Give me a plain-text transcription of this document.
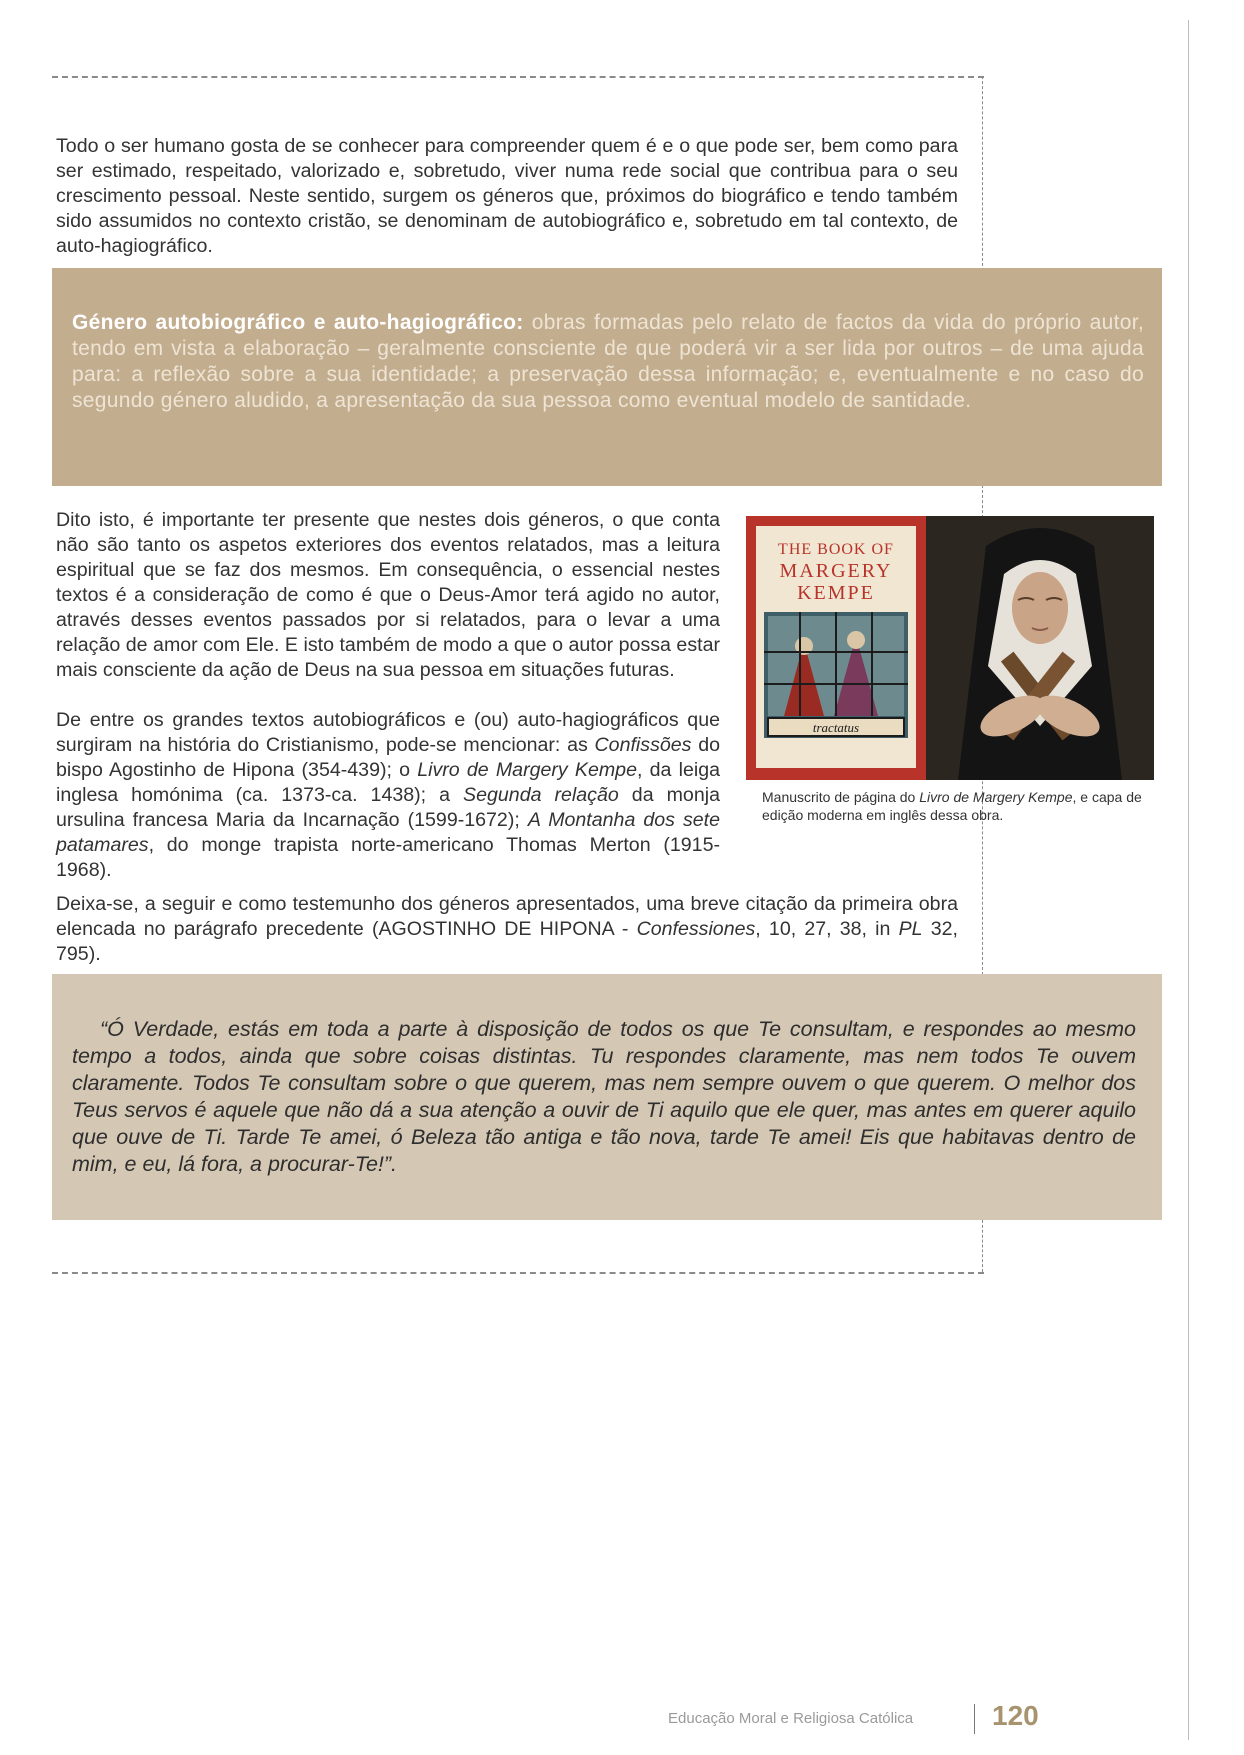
Todo o ser humano gosta de se conhecer para compreender quem é e o que pode ser, bem como para ser estimado, respeitado, valorizado e, sobretudo, viver numa rede social que contribua para o seu crescimento pessoal. Neste sentido, surgem os géneros que, próximos do biográfico e tendo também sido assumidos no contexto cristão, se denominam de autobiográfico e, sobretudo em tal contexto, de auto-hagiográfico.

Género autobiográfico e auto-hagiográfico: obras formadas pelo relato de factos da vida do próprio autor, tendo em vista a elaboração – geralmente consciente de que poderá vir a ser lida por outros – de uma ajuda para: a reflexão sobre a sua identidade; a preservação dessa informação; e, eventualmente e no caso do segundo género aludido, a apresentação da sua pessoa como eventual modelo de santidade.

Dito isto, é importante ter presente que nestes dois géneros, o que conta não são tanto os aspetos exteriores dos eventos relatados, mas a leitura espiritual que se faz dos mesmos. Em consequência, o essencial nestes textos é a consideração de como é que o Deus-Amor terá agido no autor, através desses eventos passados por si relatados, para o levar a uma relação de amor com Ele. E isto também de modo a que o autor possa estar mais consciente da ação de Deus na sua pessoa em situações futuras.

De entre os grandes textos autobiográficos e (ou) auto-hagiográficos que surgiram na história do Cristianismo, pode-se mencionar: as Confissões do bispo Agostinho de Hipona (354-439); o Livro de Margery Kempe, da leiga inglesa homónima (ca. 1373-ca. 1438); a Segunda relação da monja ursulina francesa Maria da Incarnação (1599-1672); A Montanha dos sete patamares, do monge trapista norte-americano Thomas Merton (1915-1968).

THE BOOK OF
MARGERY
KEMPE
tractatus

Manuscrito de página do Livro de Margery Kempe, e capa de edição moderna em inglês dessa obra.

Deixa-se, a seguir e como testemunho dos géneros apresentados, uma breve citação da primeira obra elencada no parágrafo precedente (AGOSTINHO DE HIPONA - Confessiones, 10, 27, 38, in PL 32, 795).

“Ó Verdade, estás em toda a parte à disposição de todos os que Te consultam, e respondes ao mesmo tempo a todos, ainda que sobre coisas distintas. Tu respondes claramente, mas nem todos Te ouvem claramente. Todos Te consultam sobre o que querem, mas nem sempre ouvem o que querem. O melhor dos Teus servos é aquele que não dá a sua atenção a ouvir de Ti aquilo que ele quer, mas antes em querer aquilo que ouve de Ti. Tarde Te amei, ó Beleza tão antiga e tão nova, tarde Te amei! Eis que habitavas dentro de mim, e eu, lá fora, a procurar-Te!”.

Educação Moral e Religiosa Católica	120
